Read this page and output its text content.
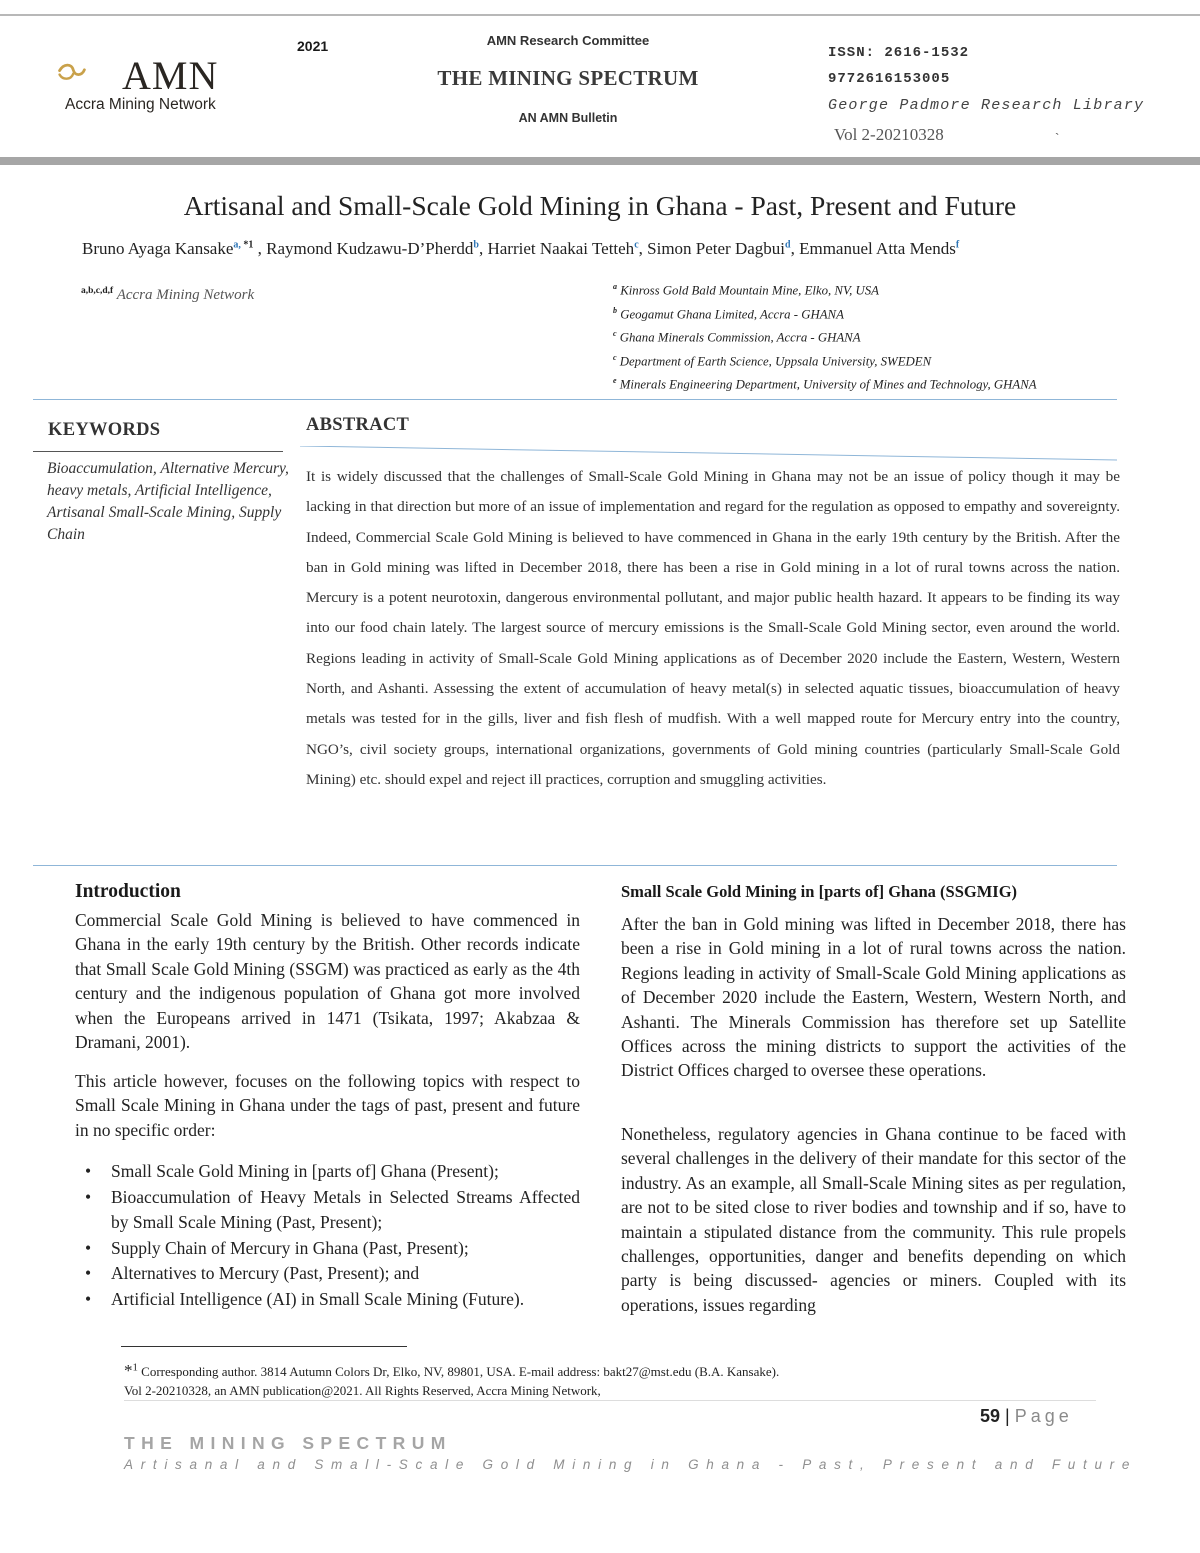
AMN
Accra Mining Network
2021	AMN Research Committee
THE MINING SPECTRUM
AN AMN Bulletin
ISSN: 2616-1532
9772616153005
George Padmore Research Library
Vol 2-20210328	`
Artisanal and Small-Scale Gold Mining in Ghana - Past, Present and Future
Bruno Ayaga Kansake$^{a,}$ $^{*1}$ , Raymond Kudzawu-D’Pherdd$^b$, Harriet Naakai Tetteh$^c$, Simon Peter Dagbui$^d$, Emmanuel Atta Mends$^f$
$^{a,b,c,d,f}$ Accra Mining Network
$^a$ Kinross Gold Bald Mountain Mine, Elko, NV, USA
$^b$ Geogamut Ghana Limited, Accra - GHANA
$^c$ Ghana Minerals Commission, Accra - GHANA
$^c$ Department of Earth Science, Uppsala University, SWEDEN
$^e$ Minerals Engineering Department, University of Mines and Technology, GHANA
KEYWORDS	ABSTRACT
Bioaccumulation, Alternative Mercury, heavy metals, Artificial Intelligence, Artisanal Small-Scale Mining, Supply Chain
It is widely discussed that the challenges of Small-Scale Gold Mining in Ghana may not be an issue of policy though it may be lacking in that direction but more of an issue of implementation and regard for the regulation as opposed to empathy and sovereignty. Indeed, Commercial Scale Gold Mining is believed to have commenced in Ghana in the early 19th century by the British. After the ban in Gold mining was lifted in December 2018, there has been a rise in Gold mining in a lot of rural towns across the nation. Mercury is a potent neurotoxin, dangerous environmental pollutant, and major public health hazard. It appears to be finding its way into our food chain lately. The largest source of mercury emissions is the Small-Scale Gold Mining sector, even around the world. Regions leading in activity of Small-Scale Gold Mining applications as of December 2020 include the Eastern, Western, Western North, and Ashanti. Assessing the extent of accumulation of heavy metal(s) in selected aquatic tissues, bioaccumulation of heavy metals was tested for in the gills, liver and fish flesh of mudfish. With a well mapped route for Mercury entry into the country, NGO’s, civil society groups, international organizations, governments of Gold mining countries (particularly Small-Scale Gold Mining) etc. should expel and reject ill practices, corruption and smuggling activities.
Introduction

Commercial Scale Gold Mining is believed to have commenced in Ghana in the early 19th century by the British. Other records indicate that Small Scale Gold Mining (SSGM) was practiced as early as the 4th century and the indigenous population of Ghana got more involved when the Europeans arrived in 1471 (Tsikata, 1997; Akabzaa & Dramani, 2001).

This article however, focuses on the following topics with respect to Small Scale Mining in Ghana under the tags of past, present and future in no specific order:

• Small Scale Gold Mining in [parts of] Ghana (Present);
• Bioaccumulation of Heavy Metals in Selected Streams Affected by Small Scale Mining (Past, Present);
• Supply Chain of Mercury in Ghana (Past, Present);
• Alternatives to Mercury (Past, Present); and
• Artificial Intelligence (AI) in Small Scale Mining (Future).
Small Scale Gold Mining in [parts of] Ghana (SSGMIG)

After the ban in Gold mining was lifted in December 2018, there has been a rise in Gold mining in a lot of rural towns across the nation. Regions leading in activity of Small-Scale Gold Mining applications as of December 2020 include the Eastern, Western, Western North, and Ashanti. The Minerals Commission has therefore set up Satellite Offices across the mining districts to support the activities of the District Offices charged to oversee these operations.

Nonetheless, regulatory agencies in Ghana continue to be faced with several challenges in the delivery of their mandate for this sector of the industry. As an example, all Small-Scale Mining sites as per regulation, are not to be sited close to river bodies and township and if so, have to maintain a stipulated distance from the community. This rule propels challenges, opportunities, danger and benefits depending on which party is being discussed- agencies or miners. Coupled with its operations, issues regarding

*$^1$ Corresponding author. 3814 Autumn Colors Dr, Elko, NV, 89801, USA. E-mail address: bakt27@mst.edu (B.A. Kansake).
Vol 2-20210328, an AMN publication@2021. All Rights Reserved, Accra Mining Network,
59 | Page
THE MINING SPECTRUM
Artisanal and Small-Scale Gold Mining in Ghana - Past, Present and Future
